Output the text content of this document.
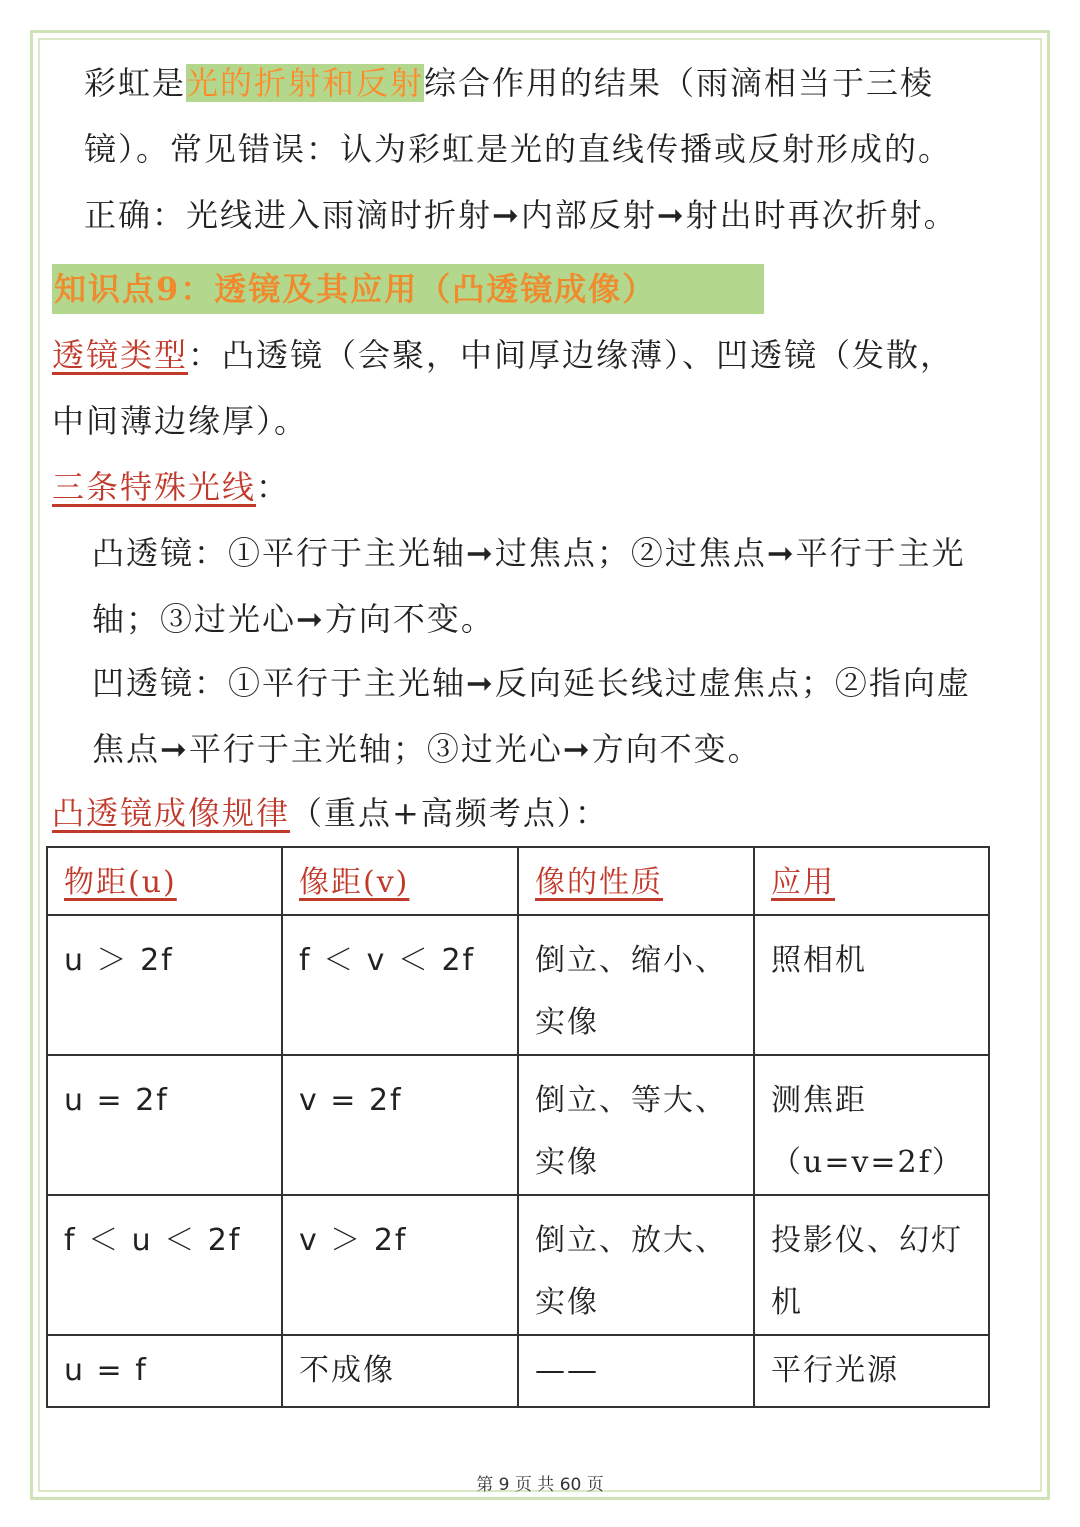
彩虹是光的折射和反射综合作用的结果（雨滴相当于三棱
镜）。常见错误：认为彩虹是光的直线传播或反射形成的。
正确：光线进入雨滴时折射➞内部反射➞射出时再次折射。
知识点9：透镜及其应用（凸透镜成像）
透镜类型：凸透镜（会聚，中间厚边缘薄）、凹透镜（发散，
中间薄边缘厚）。
三条特殊光线：
凸透镜：①平行于主光轴➞过焦点；②过焦点➞平行于主光
轴；③过光心➞方向不变。
凹透镜：①平行于主光轴➞反向延长线过虚焦点；②指向虚
焦点➞平行于主光轴；③过光心➞方向不变。
凸透镜成像规律（重点+高频考点）：
物距(u)	像距(v)	像的性质	应用
u ＞ 2f	f ＜ v ＜ 2f	倒立、缩小、实像	照相机
u = 2f	v = 2f	倒立、等大、实像	测焦距（u=v=2f）
f ＜ u ＜ 2f	v ＞ 2f	倒立、放大、实像	投影仪、幻灯机
u = f	不成像	——	平行光源
第 9 页 共 60 页
